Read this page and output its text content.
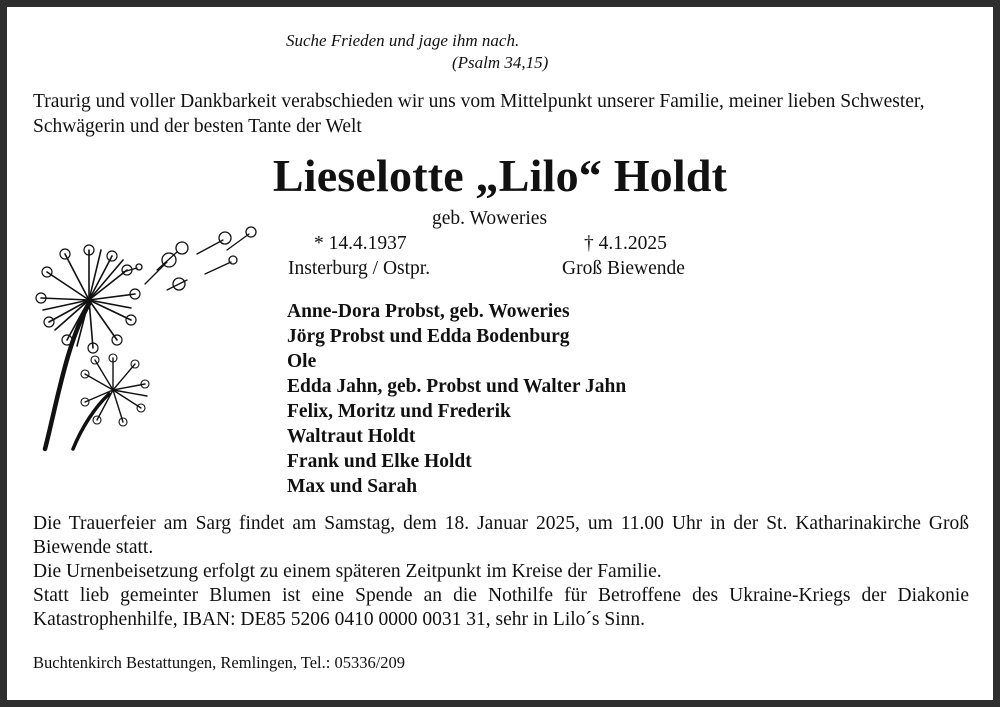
Suche Frieden und jage ihm nach.
(Psalm 34,15)
Traurig und voller Dankbarkeit verabschieden wir uns vom Mittelpunkt unserer Familie, meiner lieben Schwester, Schwägerin und der besten Tante der Welt
Lieselotte „Lilo“ Holdt
geb. Woweries
* 14.4.1937
Insterburg / Ostpr.
† 4.1.2025
Groß Biewende
Anne-Dora Probst, geb. Woweries
Jörg Probst und Edda Bodenburg
Ole
Edda Jahn, geb. Probst und Walter Jahn
Felix, Moritz und Frederik
Waltraut Holdt
Frank und Elke Holdt
Max und Sarah

Die Trauerfeier am Sarg findet am Samstag, dem 18. Januar 2025, um 11.00 Uhr in der St. Katharinakirche Groß Biewende statt.

Die Urnenbeisetzung erfolgt zu einem späteren Zeitpunkt im Kreise der Familie.

Statt lieb gemeinter Blumen ist eine Spende an die Nothilfe für Betroffene des Ukraine-Kriegs der Diakonie Katastrophenhilfe, IBAN: DE85 5206 0410 0000 0031 31, sehr in Lilo´s Sinn.

Buchtenkirch Bestattungen, Remlingen, Tel.: 05336/209
